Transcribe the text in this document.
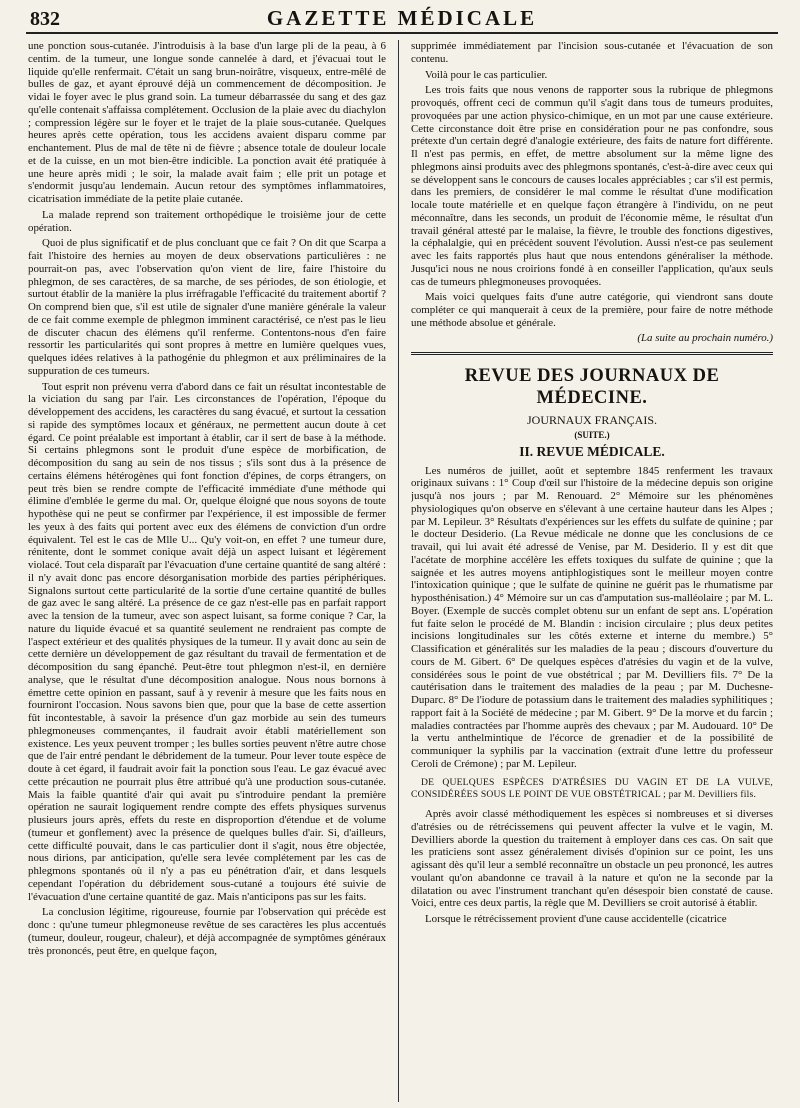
832	GAZETTE MÉDICALE

une ponction sous-cutanée. J'introduisis à la base d'un large pli de la peau, à 6 centim. de la tumeur, une longue sonde cannelée à dard, et j'évacuai tout le liquide qu'elle renfermait. C'était un sang brun-noirâtre, visqueux, entre-mêlé de bulles de gaz, et ayant éprouvé déjà un commencement de décomposition. Je vidai le foyer avec le plus grand soin. La tumeur débarrassée du sang et des gaz qu'elle contenait s'affaissa complétement. Occlusion de la plaie avec du diachylon ; compression légère sur le foyer et le trajet de la plaie sous-cutanée. Quelques heures après cette opération, tous les accidens avaient disparu comme par enchantement. Plus de mal de tête ni de fièvre ; absence totale de douleur locale et de la cuisse, en un mot bien-être indicible. La ponction avait été pratiquée à une heure après midi ; le soir, la malade avait faim ; elle prit un potage et s'endormit jusqu'au lendemain. Aucun retour des symptômes inflammatoires, cicatrisation immédiate de la petite plaie cutanée.

La malade reprend son traitement orthopédique le troisième jour de cette opération.

Quoi de plus significatif et de plus concluant que ce fait ? On dit que Scarpa a fait l'histoire des hernies au moyen de deux observations particulières : ne pourrait-on pas, avec l'observation qu'on vient de lire, faire l'histoire du phlegmon, de ses caractères, de sa marche, de ses périodes, de son étiologie, et surtout établir de la manière la plus irréfragable l'efficacité du traitement abortif ? On comprend bien que, s'il est utile de signaler d'une manière générale la valeur de ce fait comme exemple de phlegmon imminent caractérisé, ce n'est pas le lieu de discuter chacun des élémens qu'il renferme. Contentons-nous d'en faire ressortir les particularités qui sont propres à mettre en lumière quelques vues, quelques idées relatives à la pathogénie du phlegmon et aux préliminaires de la suppuration de ces tumeurs.

Tout esprit non prévenu verra d'abord dans ce fait un résultat incontestable de la viciation du sang par l'air. Les circonstances de l'opération, l'époque du développement des accidens, les caractères du sang évacué, et surtout la cessation si rapide des symptômes locaux et généraux, ne permettent aucun doute à cet égard. Ce point préalable est important à établir, car il sert de base à la méthode. Si certains phlegmons sont le produit d'une espèce de morbification, de décomposition du sang au sein de nos tissus ; s'ils sont dus à la présence de certains élémens hétérogènes qui font fonction d'épines, de corps étrangers, on peut très bien se rendre compte de l'efficacité immédiate d'une méthode qui élimine d'emblée le germe du mal. Or, quelque éloigné que nous soyons de toute hypothèse qui ne peut se confirmer par l'expérience, il est impossible de fermer les yeux à des faits qui portent avec eux des élémens de conviction d'un ordre équivalent. Tel est le cas de Mlle U... Qu'y voit-on, en effet ? une tumeur dure, rénitente, dont le sommet conique avait déjà un aspect luisant et légèrement violacé. Tout cela disparaît par l'évacuation d'une certaine quantité de sang altéré : il n'y avait donc pas encore désorganisation morbide des parties périphériques. Signalons surtout cette particularité de la sortie d'une certaine quantité de bulles de gaz avec le sang altéré. La présence de ce gaz n'est-elle pas en parfait rapport avec la tension de la tumeur, avec son aspect luisant, sa forme conique ? Car, la nature du liquide évacué et sa quantité seulement ne rendraient pas compte de l'aspect extérieur et des qualités physiques de la tumeur. Il y avait donc au sein de cette dernière un développement de gaz résultant du travail de fermentation et de décomposition du sang épanché. Peut-être tout phlegmon n'est-il, en dernière analyse, que le résultat d'une décomposition analogue. Nous nous bornons à émettre cette opinion en passant, sauf à y revenir à mesure que les faits nous en fourniront l'occasion. Nous savons bien que, pour que la base de cette assertion fût incontestable, à savoir la présence d'un gaz morbide au sein des tumeurs phlegmoneuses commençantes, il faudrait avoir établi matériellement son existence. Les yeux peuvent tromper ; les bulles sorties peuvent n'être autre chose que de l'air entré pendant le débridement de la tumeur. Pour lever toute espèce de doute à cet égard, il faudrait avoir fait la ponction sous l'eau. Le gaz évacué avec cette précaution ne pourrait plus être attribué qu'à une production sous-cutanée. Mais la faible quantité d'air qui avait pu s'introduire pendant la première opération ne saurait logiquement rendre compte des effets physiques survenus plusieurs jours après, effets du reste en disproportion d'étendue et de volume (tumeur et gonflement) avec la présence de quelques bulles d'air. Si, d'ailleurs, cette difficulté pouvait, dans le cas particulier dont il s'agit, nous être objectée, nous dirions, par anticipation, qu'elle sera levée complétement par les cas de phlegmons spontanés où il n'y a pas eu pénétration d'air, et dans lesquels cependant l'opération du débridement sous-cutané a toujours été suivie de l'évacuation d'une certaine quantité de gaz. Mais n'anticipons pas sur les faits.

La conclusion légitime, rigoureuse, fournie par l'observation qui précède est donc : qu'une tumeur phlegmoneuse revêtue de ses caractères les plus accentués (tumeur, douleur, rougeur, chaleur), et déjà accompagnée de symptômes généraux très prononcés, peut être, en quelque façon,

supprimée immédiatement par l'incision sous-cutanée et l'évacuation de son contenu.

Voilà pour le cas particulier.

Les trois faits que nous venons de rapporter sous la rubrique de phlegmons provoqués, offrent ceci de commun qu'il s'agit dans tous de tumeurs produites, provoquées par une action physico-chimique, en un mot par une cause extérieure. Cette circonstance doit être prise en considération pour ne pas confondre, sous prétexte d'un certain degré d'analogie extérieure, des faits de nature fort différente. Il n'est pas permis, en effet, de mettre absolument sur la même ligne des phlegmons ainsi produits avec des phlegmons spontanés, c'est-à-dire avec ceux qui se développent sans le concours de causes locales appréciables ; car s'il est permis, dans les premiers, de considérer le mal comme le résultat d'une modification locale toute matérielle et en quelque façon étrangère à l'individu, on ne peut méconnaître, dans les seconds, un produit de l'économie même, le résultat d'un travail général attesté par le malaise, la fièvre, le trouble des fonctions digestives, la céphalalgie, qui en précèdent souvent l'évolution. Aussi n'est-ce pas seulement avec les faits rapportés plus haut que nous entendons généraliser la méthode. Jusqu'ici nous ne nous croirions fondé à en conseiller l'application, qu'aux seuls cas de tumeurs phlegmoneuses provoquées.

Mais voici quelques faits d'une autre catégorie, qui viendront sans doute compléter ce qui manquerait à ceux de la première, pour faire de notre méthode une méthode absolue et générale.

(La suite au prochain numéro.)
REVUE DES JOURNAUX DE MÉDECINE.
JOURNAUX FRANÇAIS.
(SUITE.)
II. REVUE MÉDICALE.

Les numéros de juillet, août et septembre 1845 renferment les travaux originaux suivans : 1° Coup d'œil sur l'histoire de la médecine depuis son origine jusqu'à nos jours ; par M. Renouard. 2° Mémoire sur les phénomènes physiologiques qu'on observe en s'élevant à une certaine hauteur dans les Alpes ; par M. Lepileur. 3° Résultats d'expériences sur les effets du sulfate de quinine ; par le docteur Desiderio. (La Revue médicale ne donne que les conclusions de ce travail, qui lui avait été adressé de Venise, par M. Desiderio. Il y est dit que l'acétate de morphine accélère les effets toxiques du sulfate de quinine ; que la saignée et les autres moyens antiphlogistiques sont le meilleur moyen contre l'intoxication quinique ; que le sulfate de quinine ne guérit pas le rhumatisme par hyposthénisation.) 4° Mémoire sur un cas d'amputation sus-malléolaire ; par M. L. Boyer. (Exemple de succès complet obtenu sur un enfant de sept ans. L'opération fut faite selon le procédé de M. Blandin : incision circulaire ; plus deux petites incisions longitudinales sur les côtés externe et interne du membre.) 5° Classification et généralités sur les maladies de la peau ; discours d'ouverture du cours de M. Gibert. 6° De quelques espèces d'atrésies du vagin et de la vulve, considérées sous le point de vue obstétrical ; par M. Devilliers fils. 7° De la cautérisation dans le traitement des maladies de la peau ; par M. Duchesne-Duparc. 8° De l'iodure de potassium dans le traitement des maladies syphilitiques ; rapport fait à la Société de médecine ; par M. Gibert. 9° De la morve et du farcin ; maladies contractées par l'homme auprès des chevaux ; par M. Audouard. 10° De la vertu anthelmintique de l'écorce de grenadier et de la possibilité de communiquer la syphilis par la vaccination (extrait d'une lettre du professeur Ceroli de Crémone) ; par M. Lepileur.

DE QUELQUES ESPÈCES D'ATRÉSIES DU VAGIN ET DE LA VULVE, CONSIDÉRÉES SOUS LE POINT DE VUE OBSTÉTRICAL ; par M. Devilliers fils.

Après avoir classé méthodiquement les espèces si nombreuses et si diverses d'atrésies ou de rétrécissemens qui peuvent affecter la vulve et le vagin, M. Devilliers aborde la question du traitement à employer dans ces cas. On sait que les praticiens sont assez généralement divisés d'opinion sur ce point, les uns agissant dès qu'il leur a semblé reconnaître un obstacle un peu prononcé, les autres voulant qu'on abandonne ce travail à la nature et qu'on ne la seconde par la dilatation ou avec l'instrument tranchant qu'en désespoir bien constaté de cause. Voici, entre ces deux partis, la règle que M. Devilliers se croit autorisé à établir.

Lorsque le rétrécissement provient d'une cause accidentelle (cicatrice
